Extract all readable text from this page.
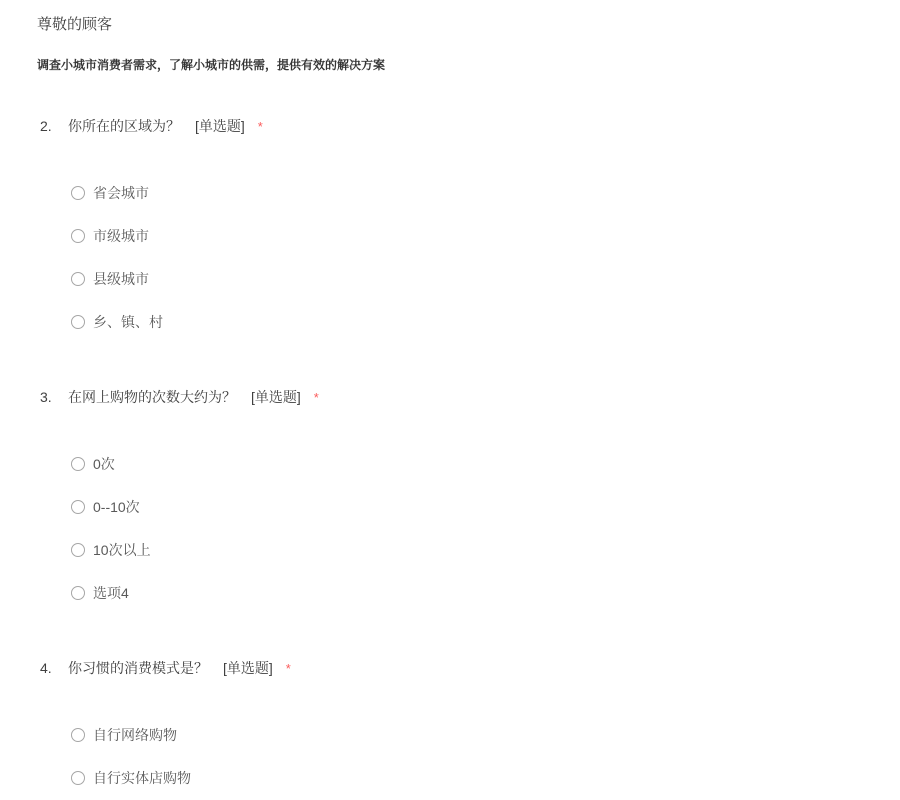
尊敬的顾客
调查小城市消费者需求，了解小城市的供需，提供有效的解决方案
2.	你所在的区域为？ [单选题] *
省会城市
市级城市
县级城市
乡、镇、村
3.	在网上购物的次数大约为？ [单选题] *
0次
0--10次
10次以上
选项4
4.	你习惯的消费模式是？ [单选题] *
自行网络购物
自行实体店购物
